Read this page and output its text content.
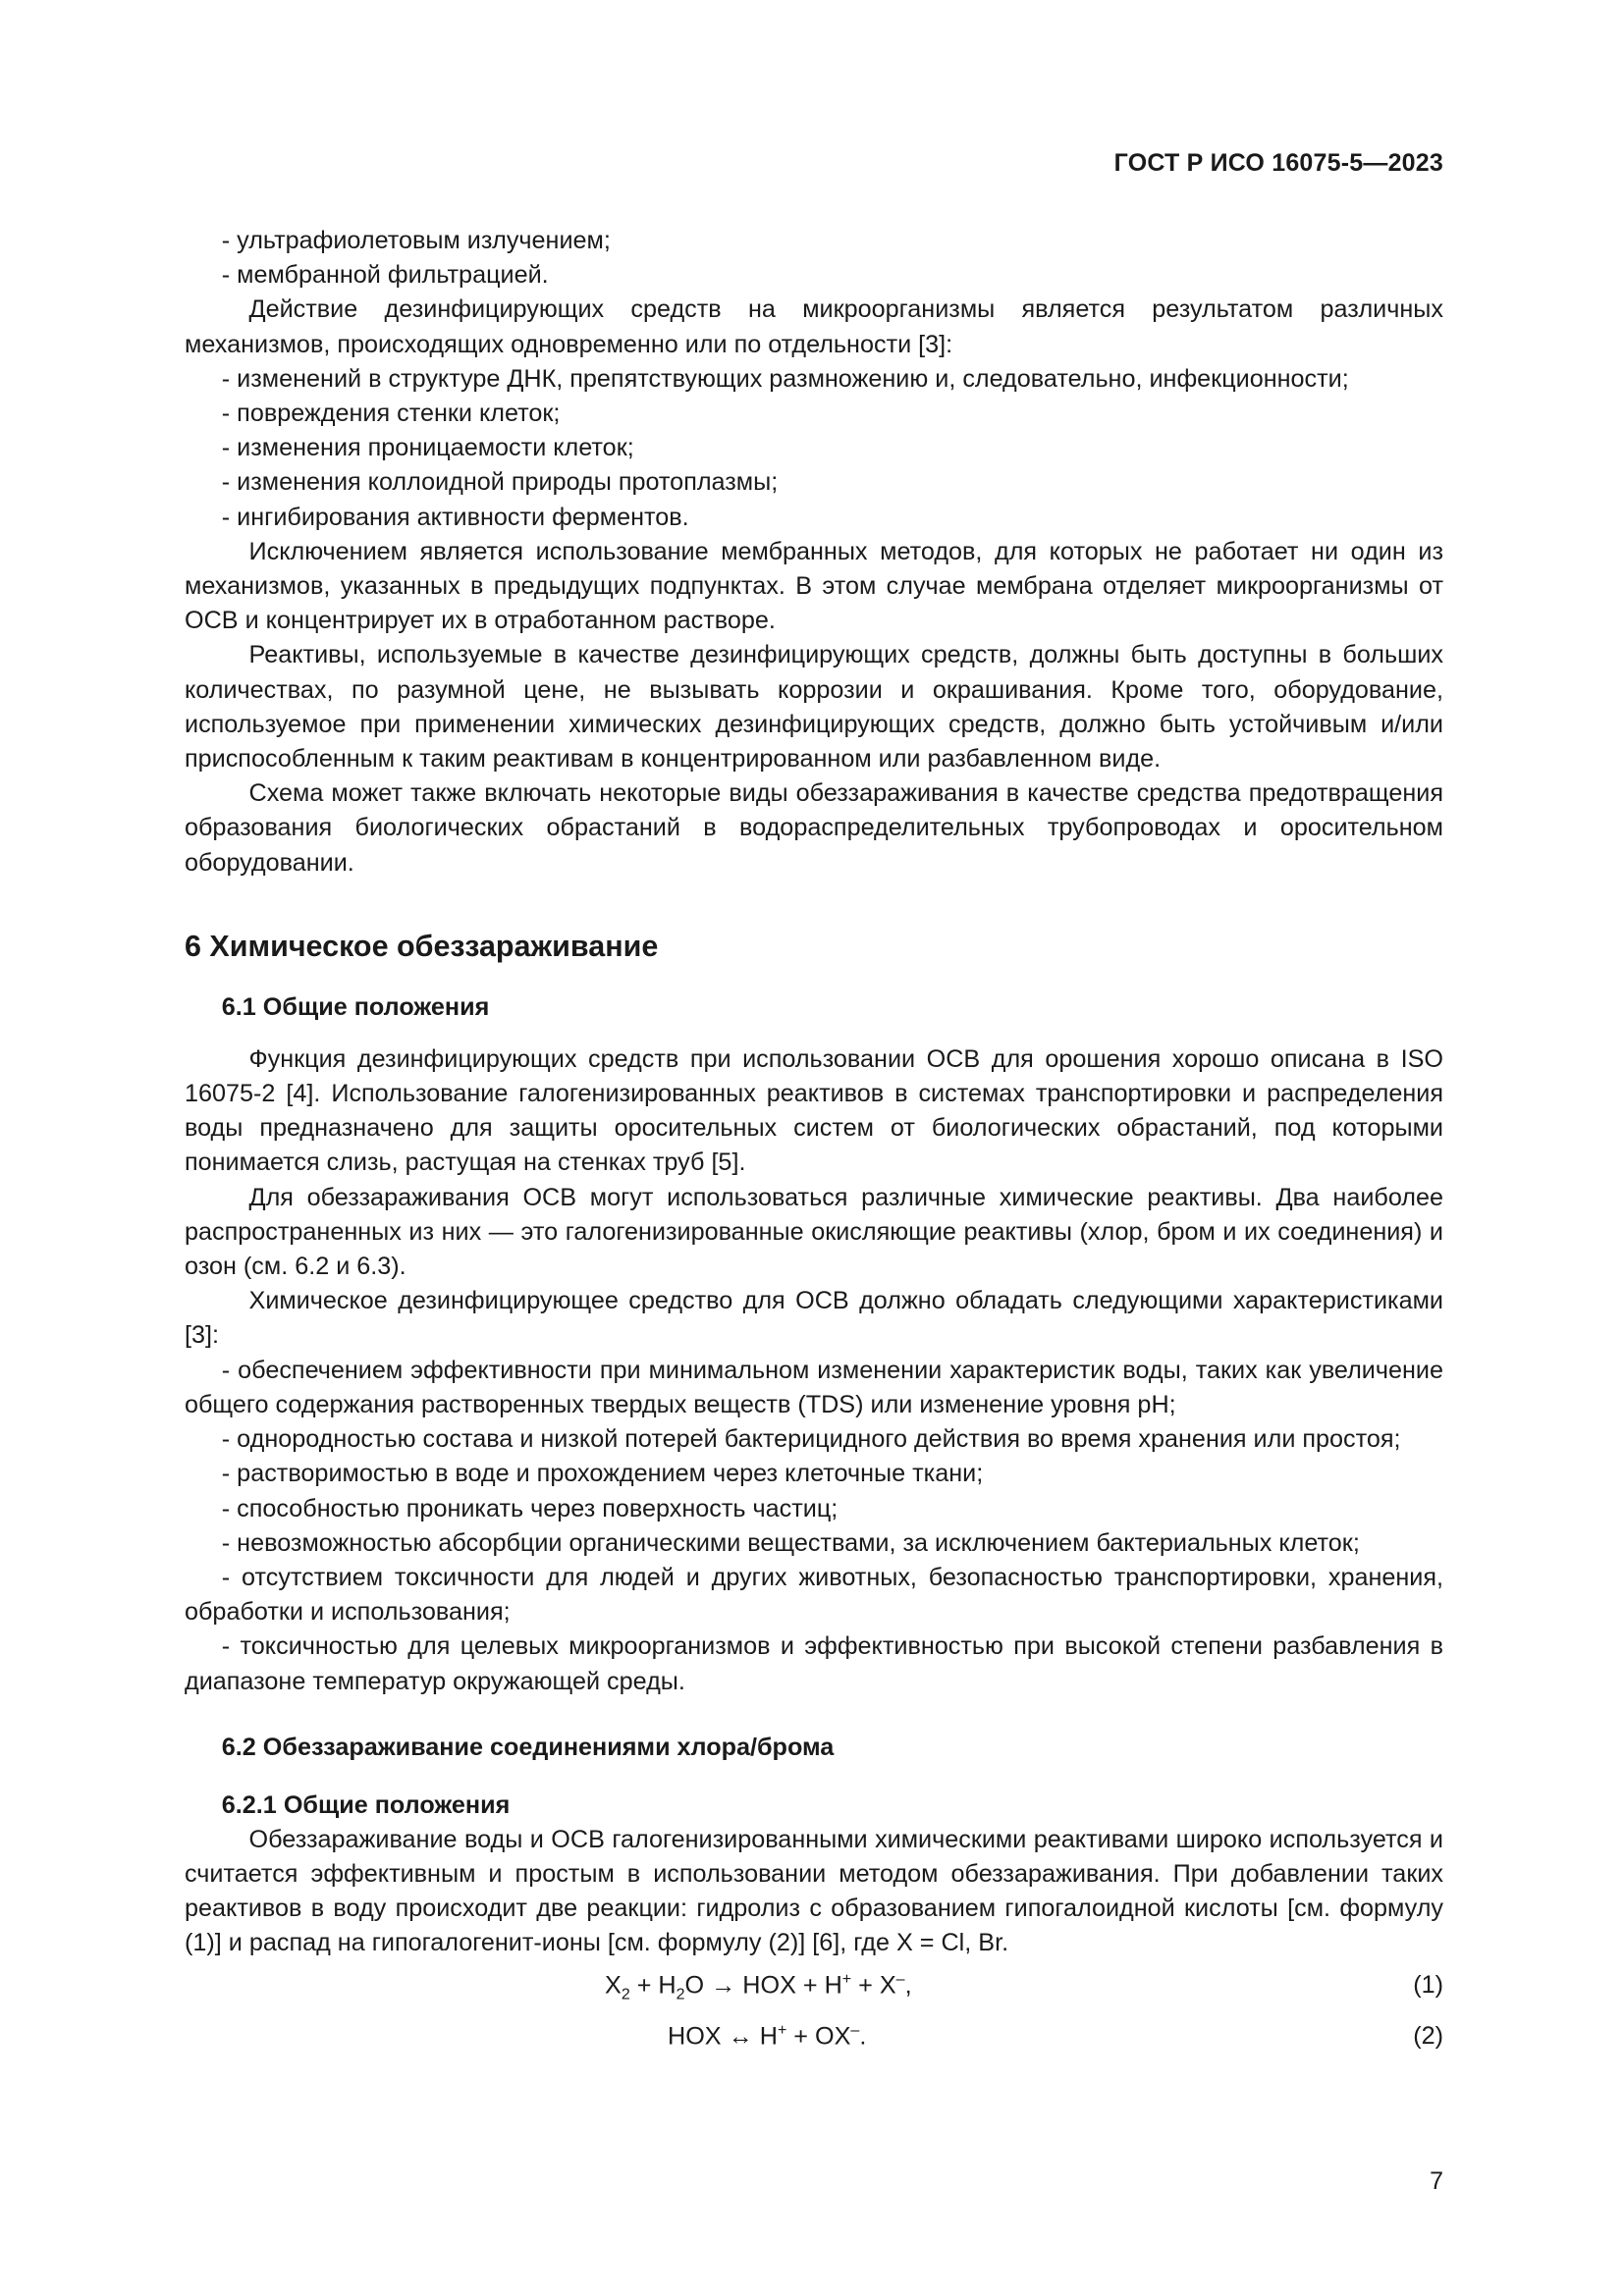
ГОСТ Р ИСО 16075-5—2023

- ультрафиолетовым излучением;

- мембранной фильтрацией.

Действие дезинфицирующих средств на микроорганизмы является результатом различных механизмов, происходящих одновременно или по отдельности [3]:

- изменений в структуре ДНК, препятствующих размножению и, следовательно, инфекционности;

- повреждения стенки клеток;

- изменения проницаемости клеток;

- изменения коллоидной природы протоплазмы;

- ингибирования активности ферментов.

Исключением является использование мембранных методов, для которых не работает ни один из механизмов, указанных в предыдущих подпунктах. В этом случае мембрана отделяет микроорганизмы от ОСВ и концентрирует их в отработанном растворе.

Реактивы, используемые в качестве дезинфицирующих средств, должны быть доступны в больших количествах, по разумной цене, не вызывать коррозии и окрашивания. Кроме того, оборудование, используемое при применении химических дезинфицирующих средств, должно быть устойчивым и/или приспособленным к таким реактивам в концентрированном или разбавленном виде.

Схема может также включать некоторые виды обеззараживания в качестве средства предотвращения образования биологических обрастаний в водораспределительных трубопроводах и оросительном оборудовании.

6 Химическое обеззараживание
6.1 Общие положения

Функция дезинфицирующих средств при использовании ОСВ для орошения хорошо описана в ISO 16075-2 [4]. Использование галогенизированных реактивов в системах транспортировки и распределения воды предназначено для защиты оросительных систем от биологических обрастаний, под которыми понимается слизь, растущая на стенках труб [5].

Для обеззараживания ОСВ могут использоваться различные химические реактивы. Два наиболее распространенных из них — это галогенизированные окисляющие реактивы (хлор, бром и их соединения) и озон (см. 6.2 и 6.3).

Химическое дезинфицирующее средство для ОСВ должно обладать следующими характеристиками [3]:

- обеспечением эффективности при минимальном изменении характеристик воды, таких как увеличение общего содержания растворенных твердых веществ (TDS) или изменение уровня pH;

- однородностью состава и низкой потерей бактерицидного действия во время хранения или простоя;

- растворимостью в воде и прохождением через клеточные ткани;

- способностью проникать через поверхность частиц;

- невозможностью абсорбции органическими веществами, за исключением бактериальных клеток;

- отсутствием токсичности для людей и других животных, безопасностью транспортировки, хранения, обработки и использования;

- токсичностью для целевых микроорганизмов и эффективностью при высокой степени разбавления в диапазоне температур окружающей среды.

6.2 Обеззараживание соединениями хлора/брома
6.2.1 Общие положения

Обеззараживание воды и ОСВ галогенизированными химическими реактивами широко используется и считается эффективным и простым в использовании методом обеззараживания. При добавлении таких реактивов в воду происходит две реакции: гидролиз с образованием гипогалоидной кислоты [см. формулу (1)] и распад на гипогалогенит-ионы [см. формулу (2)] [6], где X = Cl, Br.

$X_2 + H_2O$ → HOX + H+ + X–,	(1)
HOX ↔ H+ + OX–.	(2)
7
